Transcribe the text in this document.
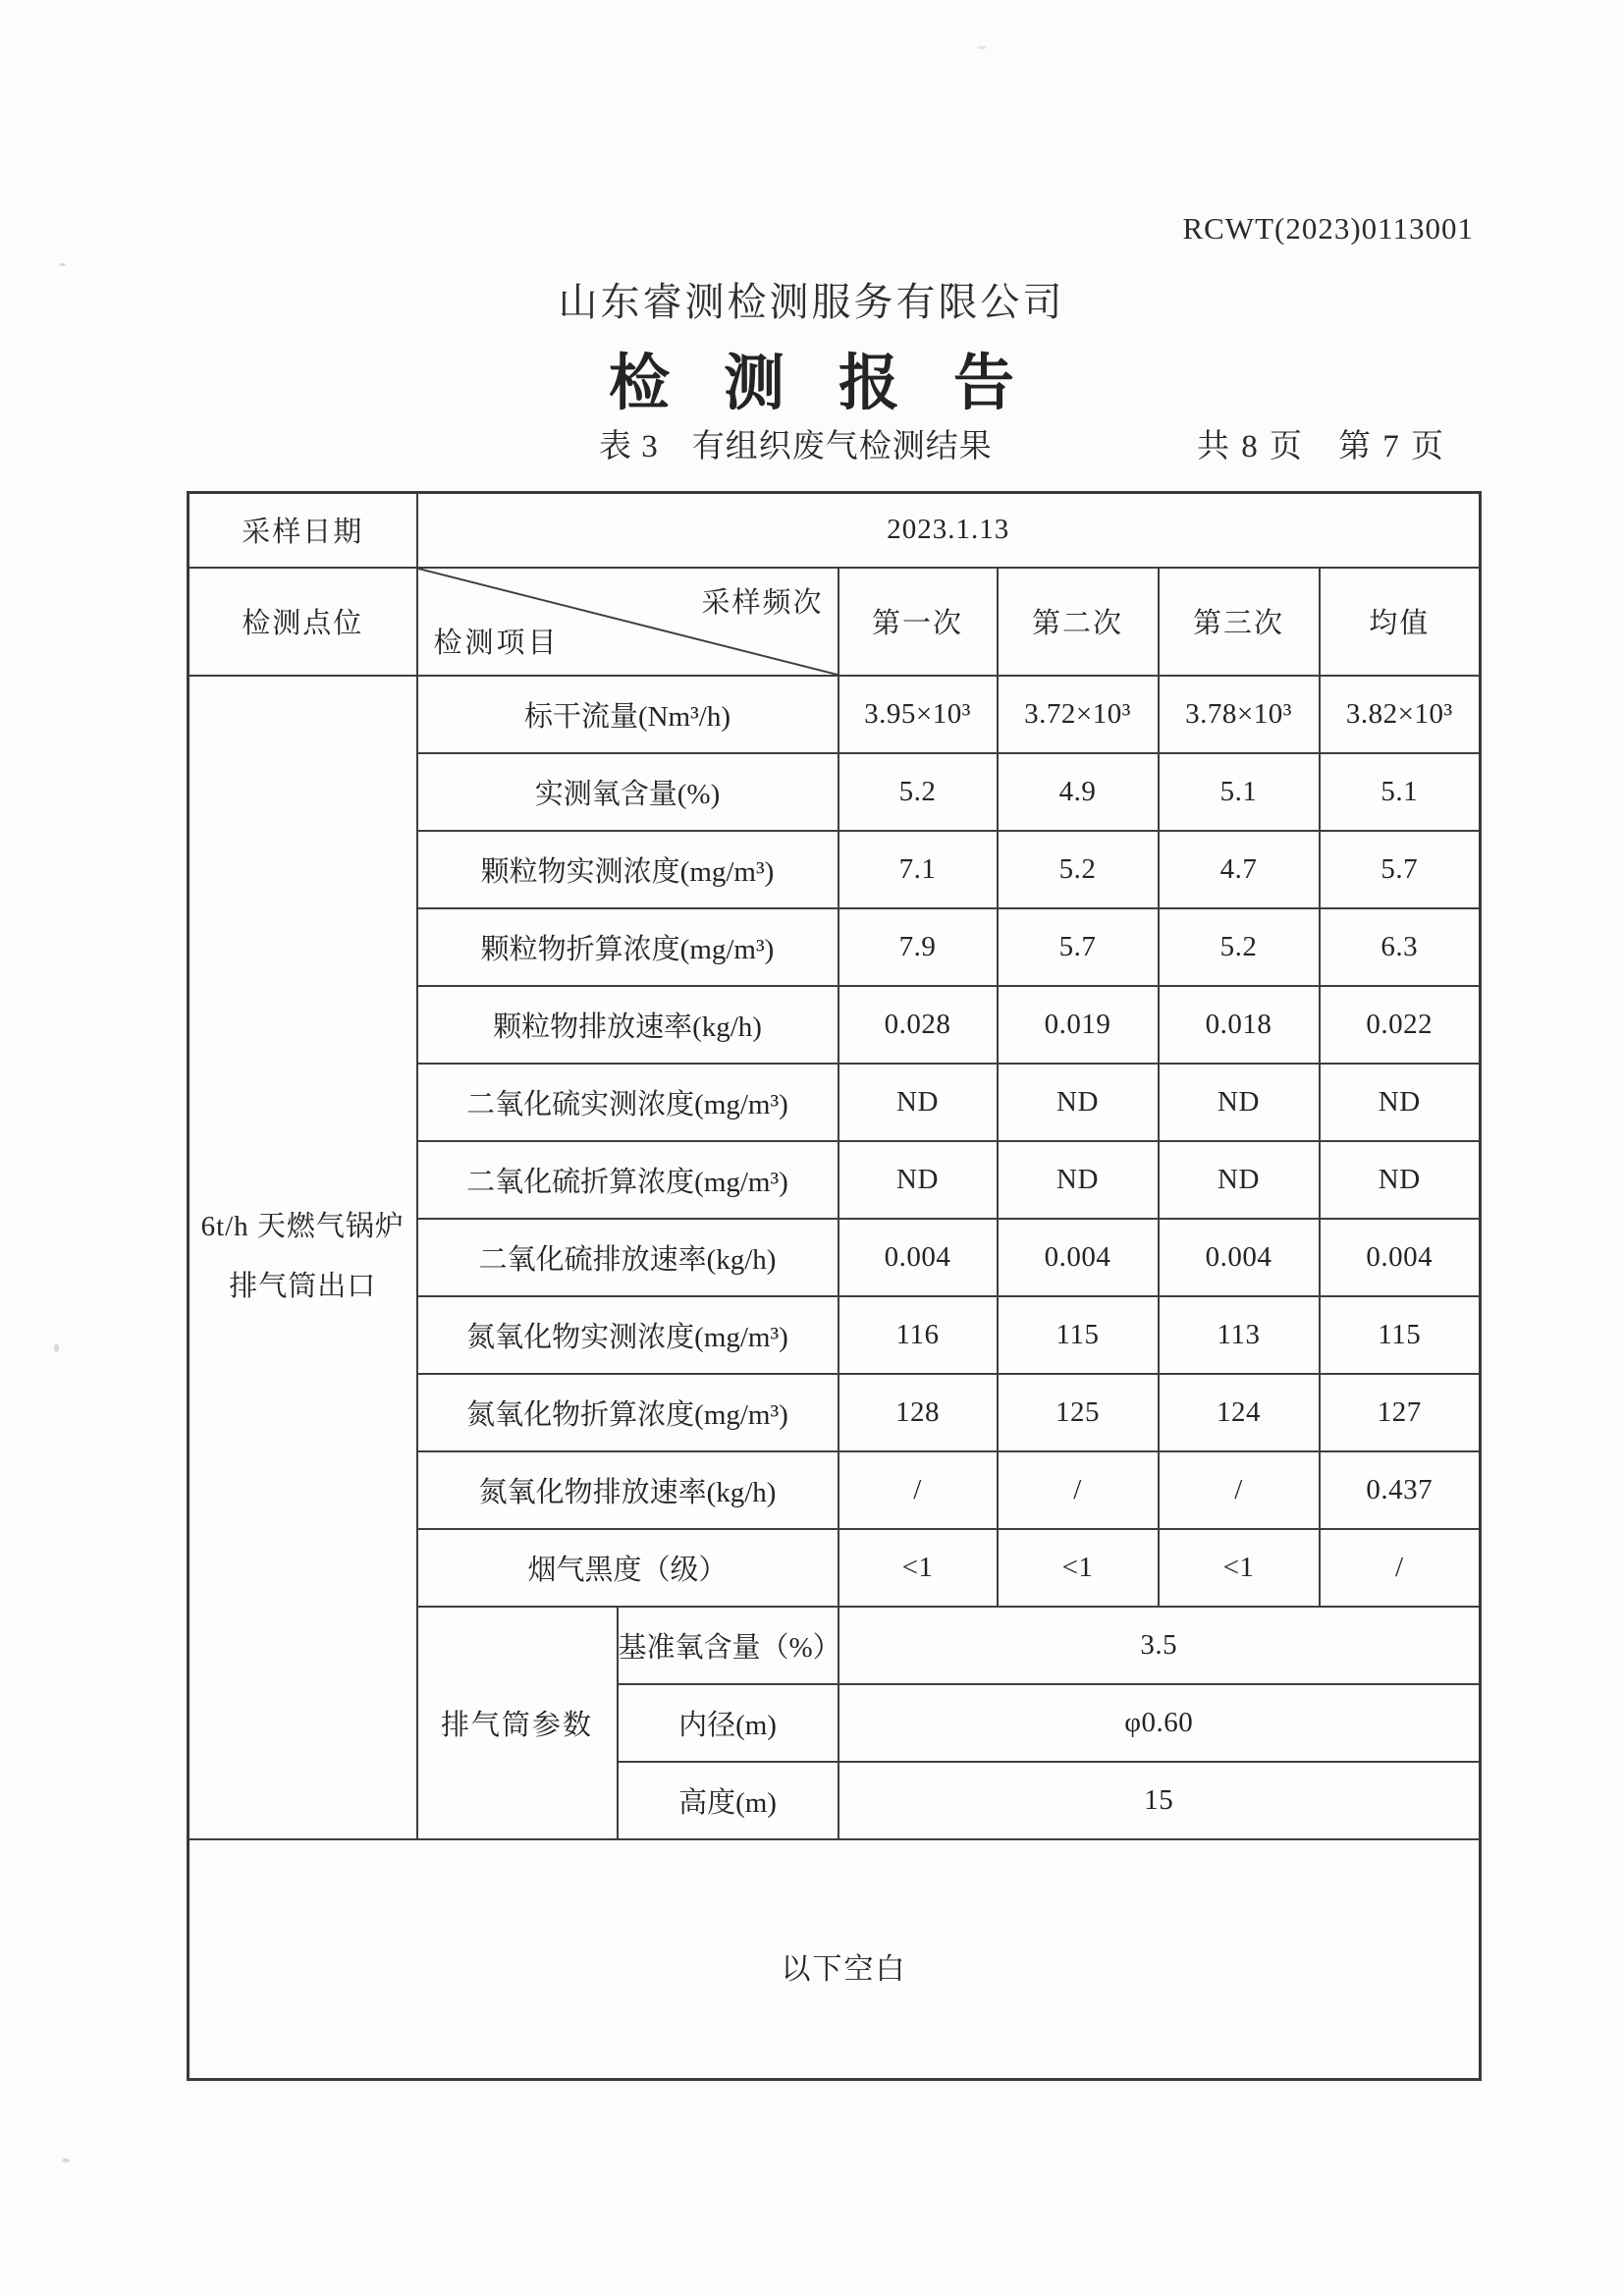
RCWT(2023)0113001
山东睿测检测服务有限公司
检测报告
表 3　有组织废气检测结果	共 8 页　第 7 页
采样日期	2023.1.13					
检测点位	采样频次
检测项目		第一次	第二次	第三次	均值

6t/h 天燃气锅炉
排气筒出口	标干流量(Nm³/h)		3.95×10³	3.72×10³	3.78×10³	3.82×10³
	实测氧含量(%)		5.2	4.9	5.1	5.1
	颗粒物实测浓度(mg/m³)		7.1	5.2	4.7	5.7
	颗粒物折算浓度(mg/m³)		7.9	5.7	5.2	6.3
	颗粒物排放速率(kg/h)		0.028	0.019	0.018	0.022
	二氧化硫实测浓度(mg/m³)		ND	ND	ND	ND
	二氧化硫折算浓度(mg/m³)		ND	ND	ND	ND
	二氧化硫排放速率(kg/h)		0.004	0.004	0.004	0.004
	氮氧化物实测浓度(mg/m³)		116	115	113	115
	氮氧化物折算浓度(mg/m³)		128	125	124	127
	氮氧化物排放速率(kg/h)		/	/	/	0.437
	烟气黑度（级）		<1	<1	<1	/
	排气筒参数	基准氧含量（%）	3.5			
		内径(m)	φ0.60			
		高度(m)	15			
以下空白						
